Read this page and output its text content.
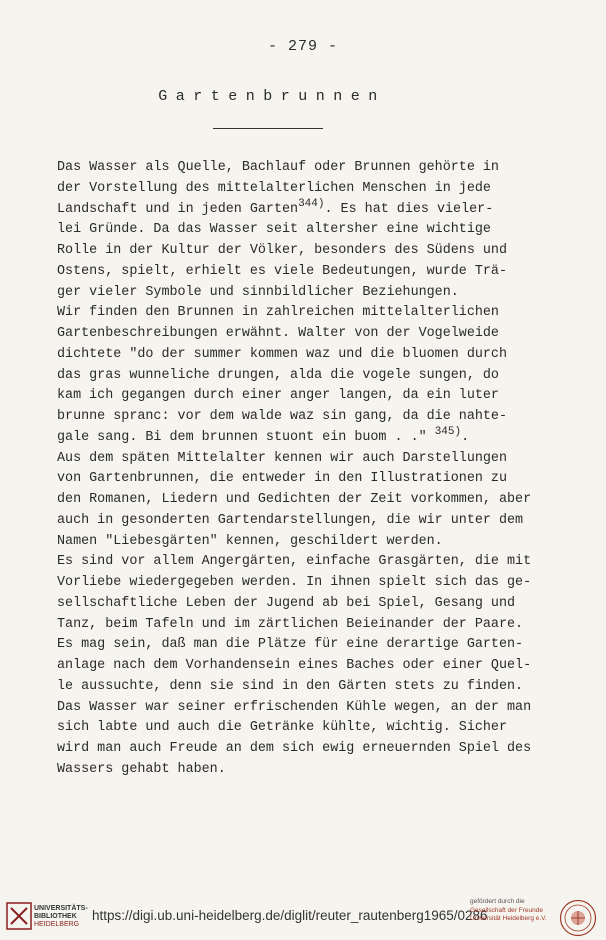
- 279 -
Gartenbrunnen
Das Wasser als Quelle, Bachlauf oder Brunnen gehörte in
der Vorstellung des mittelalterlichen Menschen in jede
Landschaft und in jeden Garten$^{344)}$. Es hat dies vieler-
lei Gründe. Da das Wasser seit altersher eine wichtige
Rolle in der Kultur der Völker, besonders des Südens und
Ostens, spielt, erhielt es viele Bedeutungen, wurde Trä-
ger vieler Symbole und sinnbildlicher Beziehungen.
Wir finden den Brunnen in zahlreichen mittelalterlichen
Gartenbeschreibungen erwähnt. Walter von der Vogelweide
dichtete "do der summer kommen waz und die bluomen durch
das gras wunneliche drungen, alda die vogele sungen, do
kam ich gegangen durch einer anger langen, da ein luter
brunne spranc: vor dem walde waz sin gang, da die nahte-
gale sang. Bi dem brunnen stuont ein buom . ." $^{345)}$.
Aus dem späten Mittelalter kennen wir auch Darstellungen
von Gartenbrunnen, die entweder in den Illustrationen zu
den Romanen, Liedern und Gedichten der Zeit vorkommen, aber
auch in gesonderten Gartendarstellungen, die wir unter dem
Namen "Liebesgärten" kennen, geschildert werden.
Es sind vor allem Angergärten, einfache Grasgärten, die mit
Vorliebe wiedergegeben werden. In ihnen spielt sich das ge-
sellschaftliche Leben der Jugend ab bei Spiel, Gesang und
Tanz, beim Tafeln und im zärtlichen Beieinander der Paare.
Es mag sein, daß man die Plätze für eine derartige Garten-
anlage nach dem Vorhandensein eines Baches oder einer Quel-
le aussuchte, denn sie sind in den Gärten stets zu finden.
Das Wasser war seiner erfrischenden Kühle wegen, an der man
sich labte und auch die Getränke kühlte, wichtig. Sicher
wird man auch Freude an dem sich ewig erneuernden Spiel des
Wassers gehabt haben.
UNIVERSITÄTS-
BIBLIOTHEK
HEIDELBERG
https://digi.ub.uni-heidelberg.de/diglit/reuter_rautenberg1965/0286
gefördert durch die
Gesellschaft der Freunde
Universität Heidelberg e.V.
